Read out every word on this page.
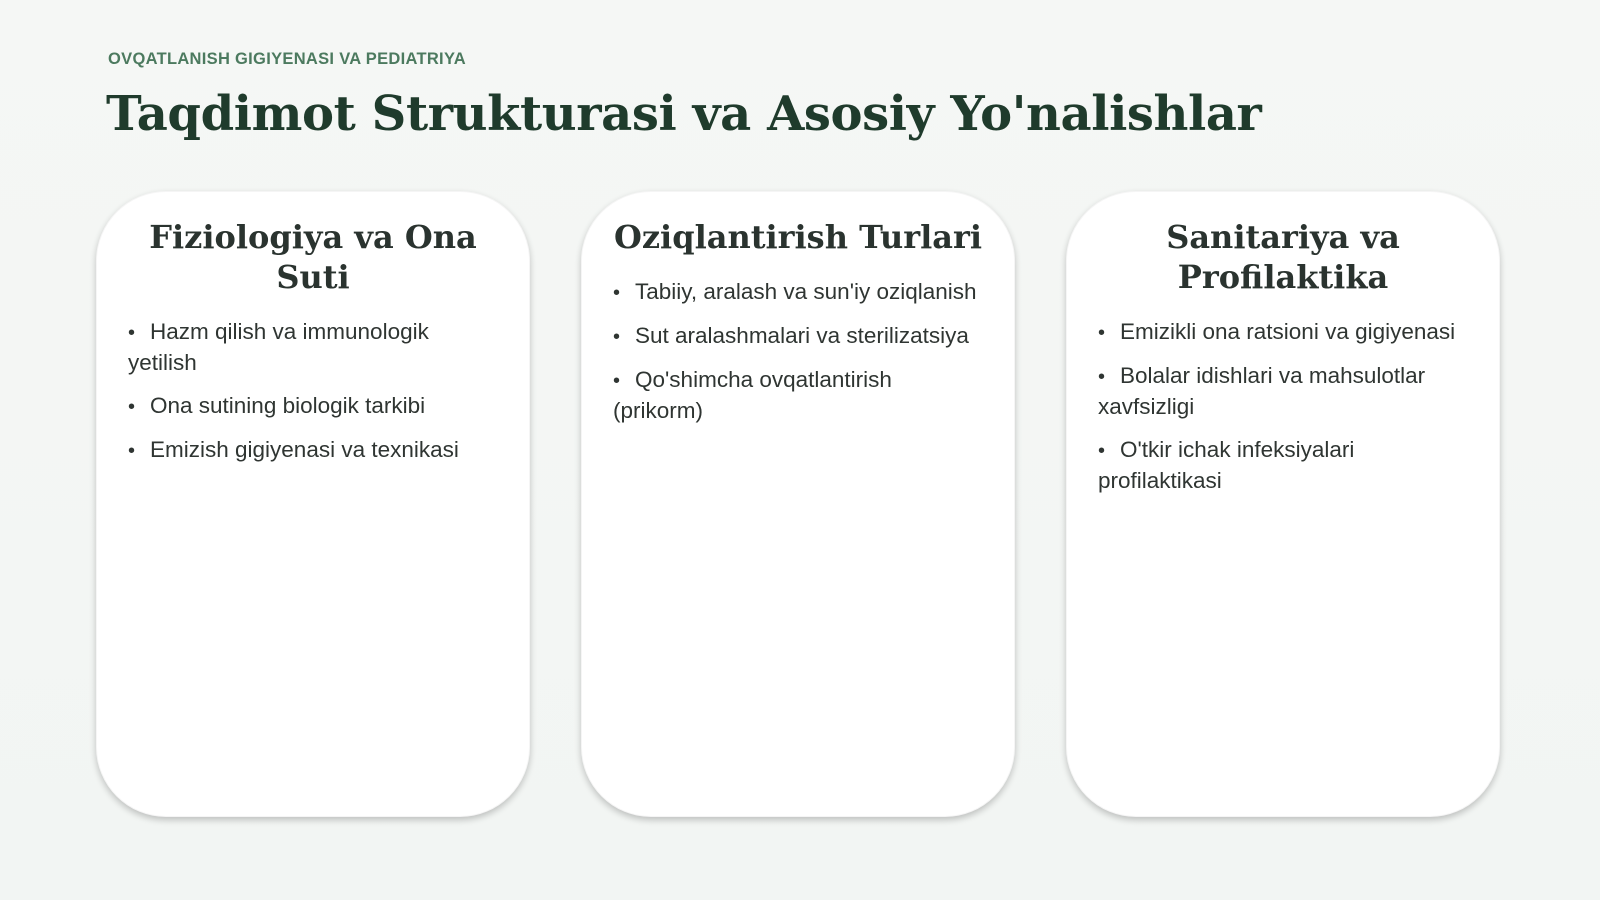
OVQATLANISH GIGIYENASI VA PEDIATRIYA
Taqdimot Strukturasi va Asosiy Yo'nalishlar
Fiziologiya va Ona Suti
• Hazm qilish va immunologik yetilish
• Ona sutining biologik tarkibi
• Emizish gigiyenasi va texnikasi
Oziqlantirish Turlari
• Tabiiy, aralash va sun'iy oziqlanish
• Sut aralashmalari va sterilizatsiya
• Qo'shimcha ovqatlantirish (prikorm)
Sanitariya va Profilaktika
• Emizikli ona ratsioni va gigiyenasi
• Bolalar idishlari va mahsulotlar xavfsizligi
• O'tkir ichak infeksiyalari profilaktikasi
